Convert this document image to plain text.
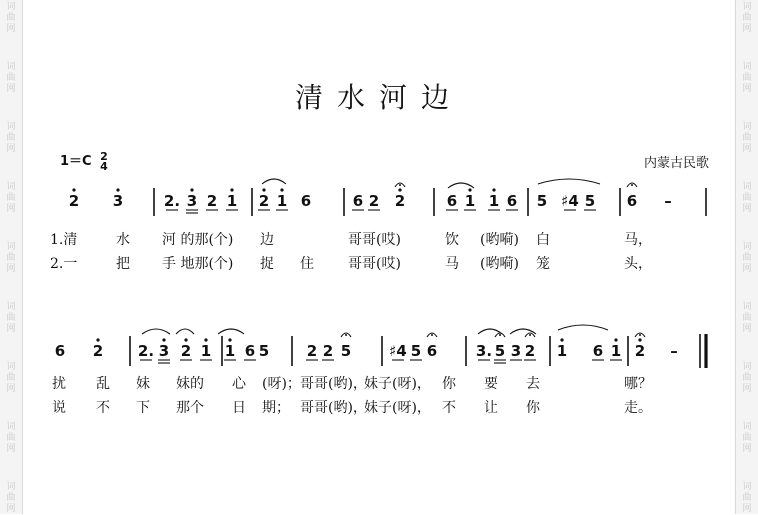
词
曲
网
词
曲
网
词
曲
网
词
曲
网
词
曲
网
词
曲
网
词
曲
网
词
曲
网
词
曲
网
词
曲
网
词
曲
网
词
曲
网
词
曲
网
词
曲
网
词
曲
网
词
曲
网
词
曲
网
词
曲
网
清水河边
1＝C 2
4	内蒙古民歌
2 3	2. 3 2 1 2 1 6	6 2 2	6 1 1 6 5 ♯4 5 6 –
1.清	水 河 的那(个) 边	哥哥(哎)	饮 (哟嗬) 白	马，
2.一	把 手 地那(个) 捉 住 哥哥(哎)	马 (哟嗬) 笼	头，
6 2 2. 3 2 1 1 6 5	2 2 5	♯4 5 6	3. 5 3 2 1 6 1 2 –
扰 乱 妹 妹的 心 (呀)； 哥哥(哟)，
妹子(呀)， 你 要 去	哪？
说 不 下 那个 日 期； 哥哥(哟)，
妹子(呀)， 不 让 你	走。
